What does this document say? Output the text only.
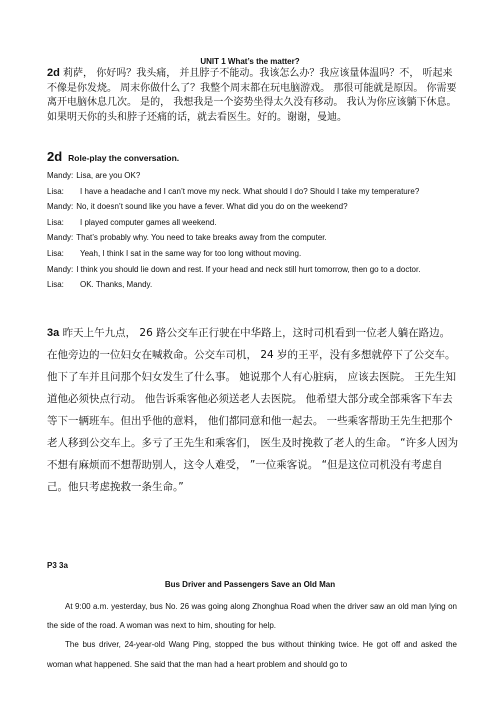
UNIT 1 What’s the matter?
2d 莉萨， 你好吗？我头痛， 并且脖子不能动。我该怎么办？我应该量体温吗？不， 听起来不像是你发烧。 周末你做什么了？我整个周末都在玩电脑游戏。 那很可能就是原因。 你需要离开电脑休息几次。 是的， 我想我是一个姿势坐得太久没有移动。 我认为你应该躺下休息。如果明天你的头和脖子还痛的话，就去看医生。好的。谢谢，曼迪。
2d Role-play the conversation.
Mandy: Lisa, are you OK?
Lisa:	I have a headache and I can’t move my neck. What should I do? Should I take my temperature?
Mandy: No, it doesn’t sound like you have a fever. What did you do on the weekend?
Lisa:	I played computer games all weekend.
Mandy: That’s probably why. You need to take breaks away from the computer.
Lisa:	Yeah, I think I sat in the same way for too long without moving.
Mandy: I think you should lie down and rest. If your head and neck still hurt tomorrow, then go to a doctor.
Lisa:	OK. Thanks, Mandy.
3a 昨天上午九点， 26 路公交车正行驶在中华路上，这时司机看到一位老人躺在路边。在他旁边的一位妇女在喊救命。公交车司机， 24 岁的王平，没有多想就停下了公交车。他下了车并且问那个妇女发生了什么事。 她说那个人有心脏病， 应该去医院。 王先生知道他必须快点行动。 他告诉乘客他必须送老人去医院。 他希望大部分或全部乘客下车去等下一辆班车。但出乎他的意料， 他们都同意和他一起去。 一些乘客帮助王先生把那个老人移到公交车上。多亏了王先生和乘客们， 医生及时挽救了老人的生命。 “许多人因为不想有麻烦而不想帮助别人，这令人难受， ”一位乘客说。 “但是这位司机没有考虑自己。他只考虑挽救一条生命。”
P3 3a
Bus Driver and Passengers Save an Old Man

At 9:00 a.m. yesterday, bus No. 26 was going along Zhonghua Road when the driver saw an old man lying on the side of the road. A woman was next to him, shouting for help.

The bus driver, 24-year-old Wang Ping, stopped the bus without thinking twice. He got off and asked the woman what happened. She said that the man had a heart problem and should go to
